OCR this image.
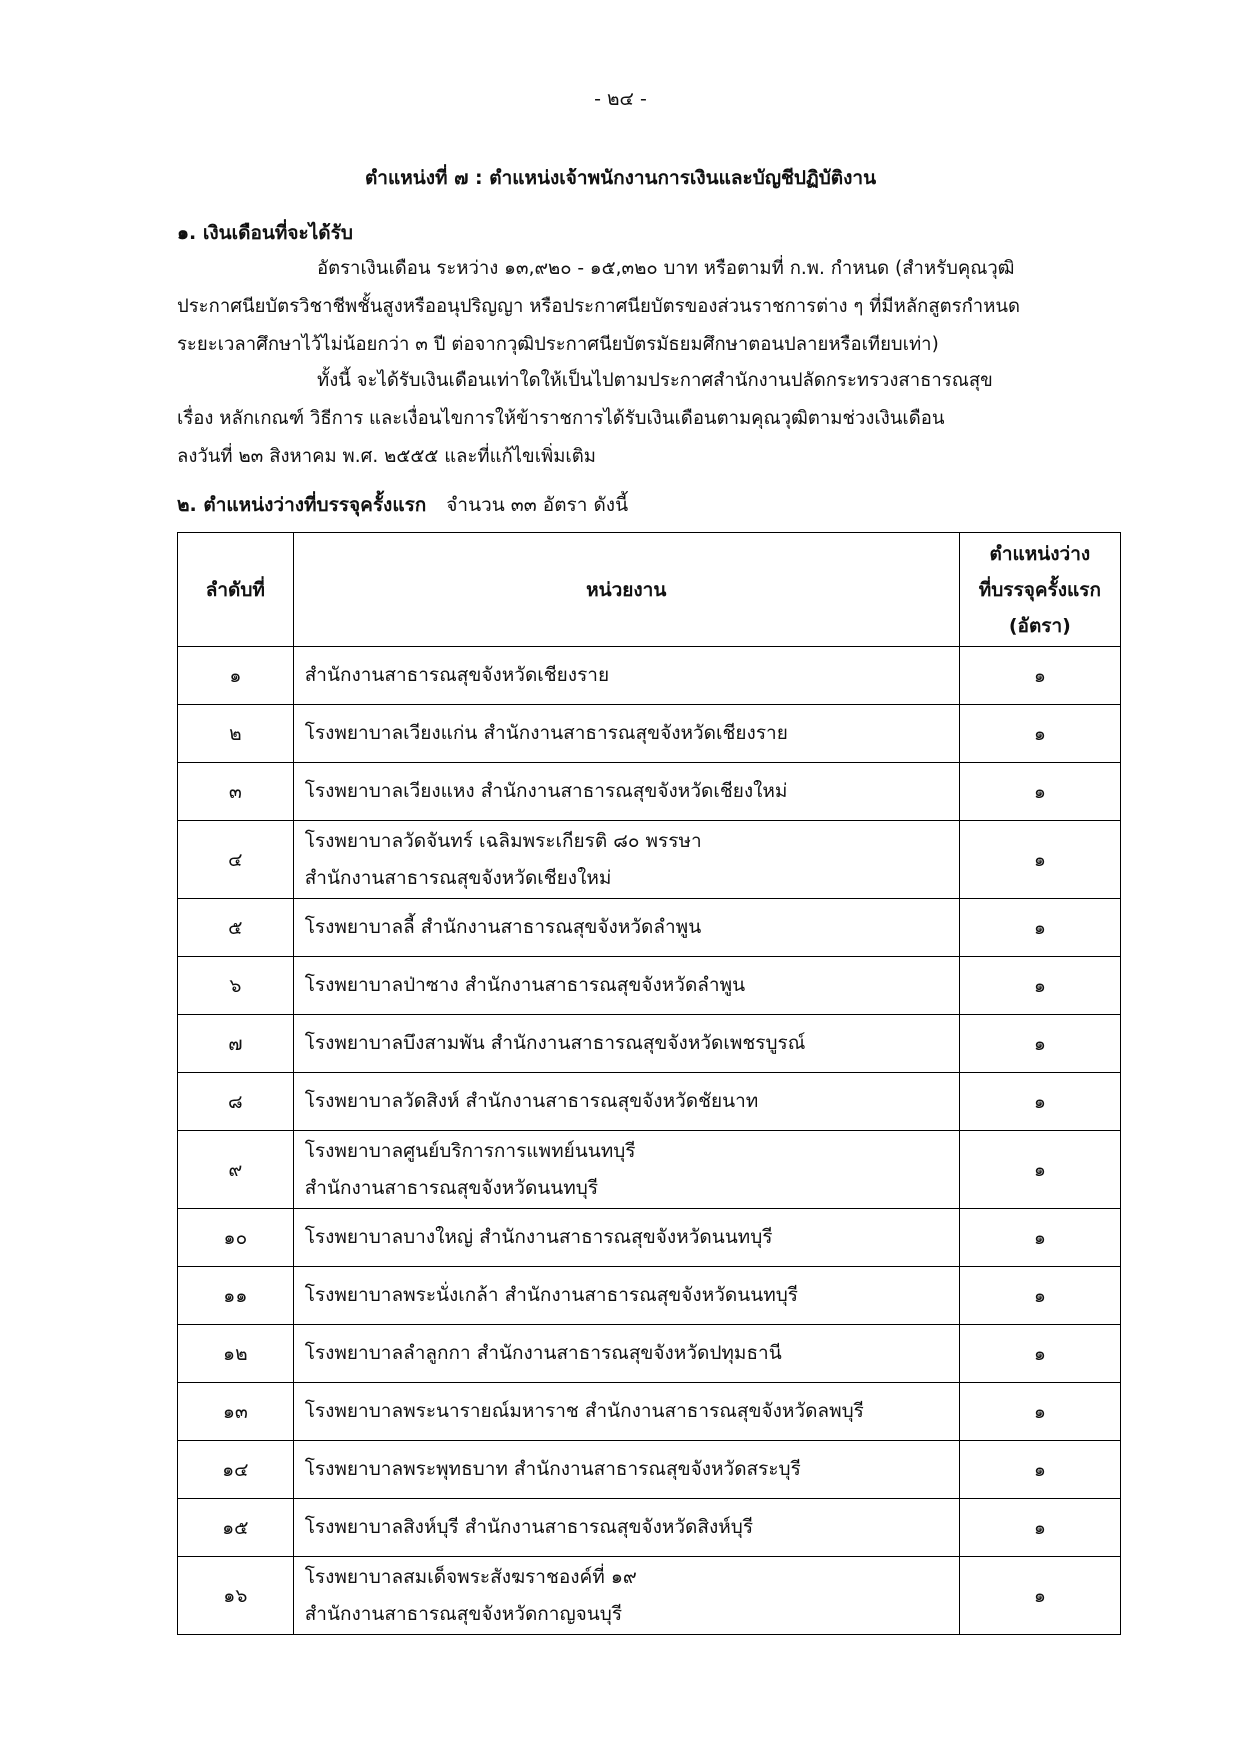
- ๒๔ -
ตำแหน่งที่ ๗ : ตำแหน่งเจ้าพนักงานการเงินและบัญชีปฏิบัติงาน
๑. เงินเดือนที่จะได้รับ
อัตราเงินเดือน ระหว่าง ๑๓,๙๒๐ - ๑๕,๓๒๐ บาท หรือตามที่ ก.พ. กำหนด (สำหรับคุณวุฒิ
ประกาศนียบัตรวิชาชีพชั้นสูงหรืออนุปริญญา หรือประกาศนียบัตรของส่วนราชการต่าง ๆ ที่มีหลักสูตรกำหนด
ระยะเวลาศึกษาไว้ไม่น้อยกว่า ๓ ปี ต่อจากวุฒิประกาศนียบัตรมัธยมศึกษาตอนปลายหรือเทียบเท่า)
ทั้งนี้ จะได้รับเงินเดือนเท่าใดให้เป็นไปตามประกาศสำนักงานปลัดกระทรวงสาธารณสุข
เรื่อง หลักเกณฑ์ วิธีการ และเงื่อนไขการให้ข้าราชการได้รับเงินเดือนตามคุณวุฒิตามช่วงเงินเดือน
ลงวันที่ ๒๓ สิงหาคม พ.ศ. ๒๕๕๕ และที่แก้ไขเพิ่มเติม
๒. ตำแหน่งว่างที่บรรจุครั้งแรก จำนวน ๓๓ อัตรา ดังนี้
ลำดับที่	หน่วยงาน	ตำแหน่งว่าง
ที่บรรจุครั้งแรก
(อัตรา)

๑	สำนักงานสาธารณสุขจังหวัดเชียงราย	๑
๒	โรงพยาบาลเวียงแก่น สำนักงานสาธารณสุขจังหวัดเชียงราย	๑
๓	โรงพยาบาลเวียงแหง สำนักงานสาธารณสุขจังหวัดเชียงใหม่	๑
๔	โรงพยาบาลวัดจันทร์ เฉลิมพระเกียรติ ๘๐ พรรษา
สำนักงานสาธารณสุขจังหวัดเชียงใหม่	๑
๕	โรงพยาบาลลี้ สำนักงานสาธารณสุขจังหวัดลำพูน	๑
๖	โรงพยาบาลป่าซาง สำนักงานสาธารณสุขจังหวัดลำพูน	๑
๗	โรงพยาบาลบึงสามพัน สำนักงานสาธารณสุขจังหวัดเพชรบูรณ์	๑
๘	โรงพยาบาลวัดสิงห์ สำนักงานสาธารณสุขจังหวัดชัยนาท	๑
๙	โรงพยาบาลศูนย์บริการการแพทย์นนทบุรี
สำนักงานสาธารณสุขจังหวัดนนทบุรี	๑
๑๐	โรงพยาบาลบางใหญ่ สำนักงานสาธารณสุขจังหวัดนนทบุรี	๑
๑๑	โรงพยาบาลพระนั่งเกล้า สำนักงานสาธารณสุขจังหวัดนนทบุรี	๑
๑๒	โรงพยาบาลลำลูกกา สำนักงานสาธารณสุขจังหวัดปทุมธานี	๑
๑๓	โรงพยาบาลพระนารายณ์มหาราช สำนักงานสาธารณสุขจังหวัดลพบุรี	๑
๑๔	โรงพยาบาลพระพุทธบาท สำนักงานสาธารณสุขจังหวัดสระบุรี	๑
๑๕	โรงพยาบาลสิงห์บุรี สำนักงานสาธารณสุขจังหวัดสิงห์บุรี	๑
๑๖	โรงพยาบาลสมเด็จพระสังฆราชองค์ที่ ๑๙
สำนักงานสาธารณสุขจังหวัดกาญจนบุรี	๑
